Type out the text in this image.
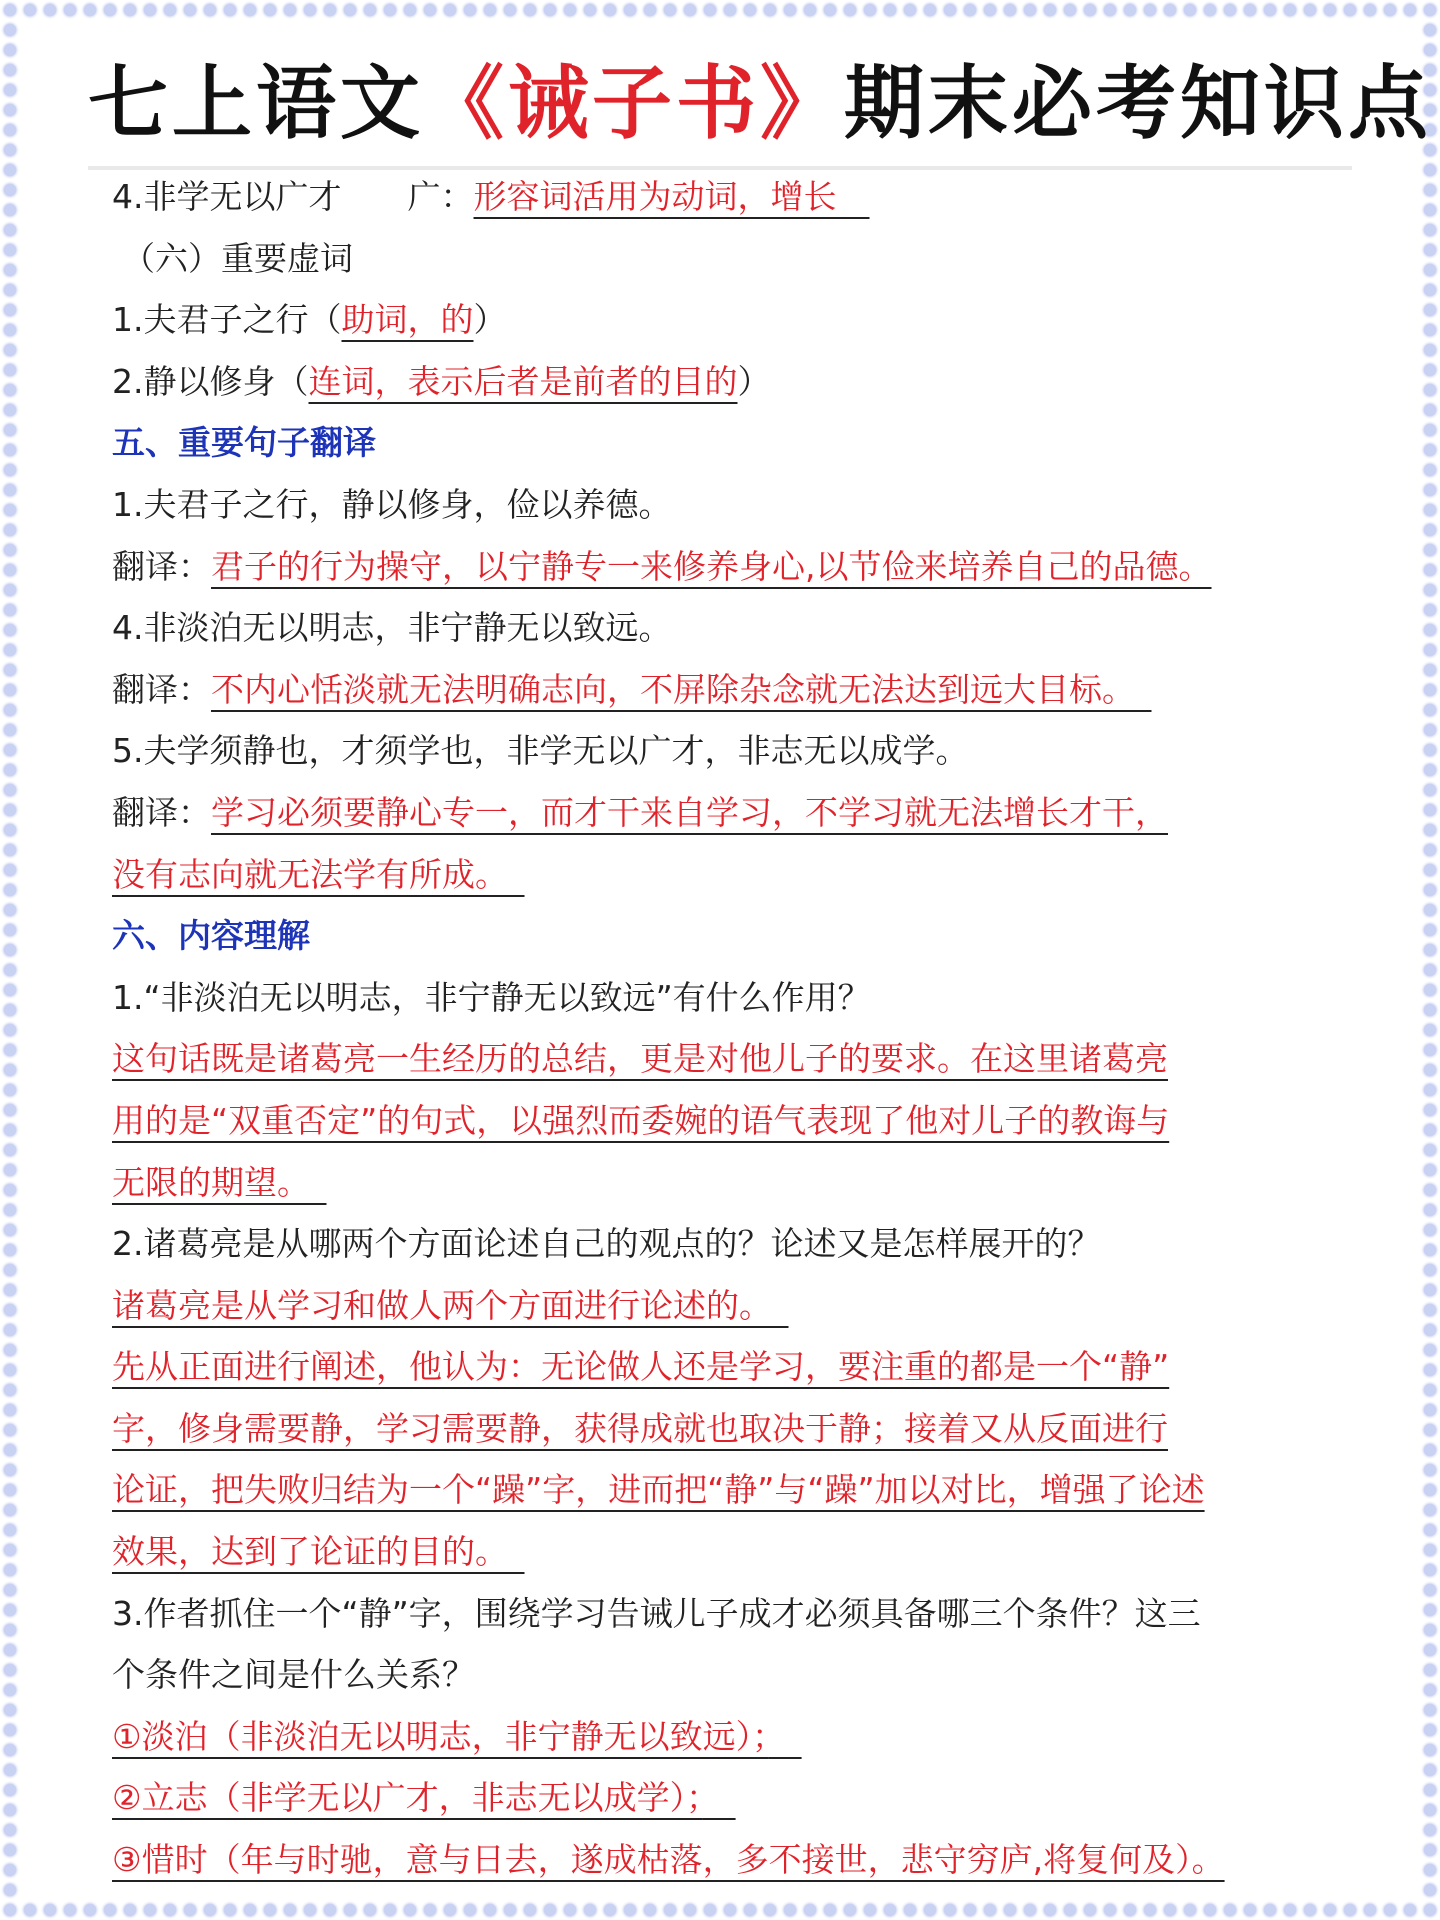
七上语文《诫子书》期末必考知识点
4.非学无以广才　　广：形容词活用为动词，增长　
（六）重要虚词
1.夫君子之行（助词，的）
2.静以修身（连词，表示后者是前者的目的）
五、重要句子翻译
1.夫君子之行，静以修身，俭以养德。
翻译：君子的行为操守，以宁静专一来修养身心,以节俭来培养自己的品德。
4.非淡泊无以明志，非宁静无以致远。
翻译：不内心恬淡就无法明确志向，不屏除杂念就无法达到远大目标。　
5.夫学须静也，才须学也，非学无以广才，非志无以成学。
翻译：学习必须要静心专一，而才干来自学习，不学习就无法增长才干，
没有志向就无法学有所成。　
六、内容理解
1.“非淡泊无以明志，非宁静无以致远”有什么作用？
这句话既是诸葛亮一生经历的总结，更是对他儿子的要求。在这里诸葛亮
用的是“双重否定”的句式，以强烈而委婉的语气表现了他对儿子的教诲与
无限的期望。　
2.诸葛亮是从哪两个方面论述自己的观点的？论述又是怎样展开的？
诸葛亮是从学习和做人两个方面进行论述的。　
先从正面进行阐述，他认为：无论做人还是学习，要注重的都是一个“静”
字，修身需要静，学习需要静，获得成就也取决于静；接着又从反面进行
论证，把失败归结为一个“躁”字，进而把“静”与“躁”加以对比，增强了论述
效果，达到了论证的目的。　
3.作者抓住一个“静”字，围绕学习告诫儿子成才必须具备哪三个条件？这三
个条件之间是什么关系？
①淡泊（非淡泊无以明志，非宁静无以致远）；　
②立志（非学无以广才，非志无以成学）；　
③惜时（年与时驰，意与日去，遂成枯落，多不接世，悲守穷庐,将复何及）。
